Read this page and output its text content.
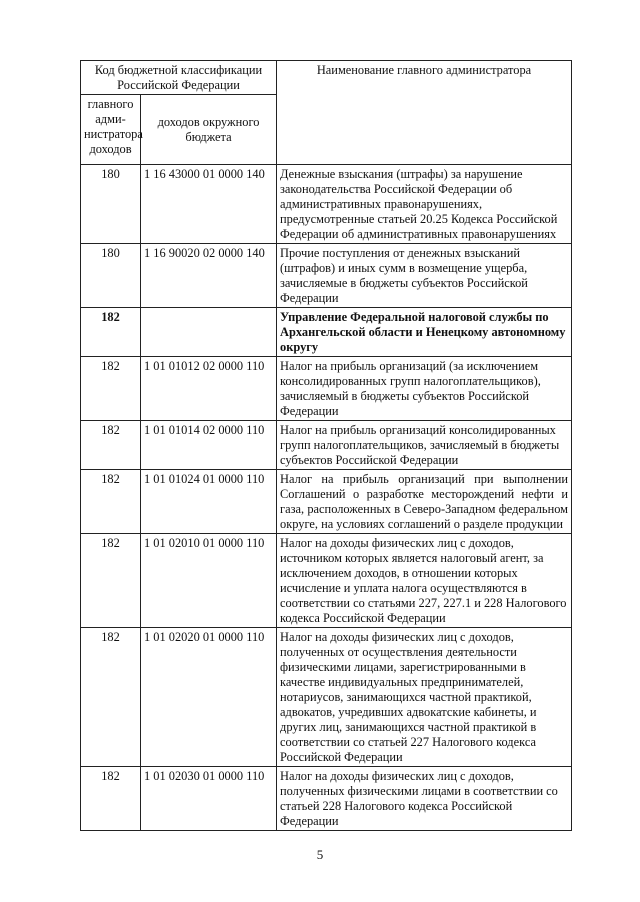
Код бюджетной классификации Российской Федерации		Наименование главного администратора
главного адми-нистратора доходов	доходов окружного бюджета	
180	1 16 43000 01 0000 140	Денежные взыскания (штрафы) за нарушение законодательства Российской Федерации об административных правонарушениях, предусмотренные статьей 20.25 Кодекса Российской Федерации об административных правонарушениях
180	1 16 90020 02 0000 140	Прочие поступления от денежных взысканий (штрафов) и иных сумм в возмещение ущерба, зачисляемые в бюджеты субъектов Российской Федерации
182		Управление Федеральной налоговой службы по Архангельской области и Ненецкому автономному округу
182	1 01 01012 02 0000 110	Налог на прибыль организаций (за исключением консолидированных групп налогоплательщиков), зачисляемый в бюджеты субъектов Российской Федерации
182	1 01 01014 02 0000 110	Налог на прибыль организаций консолидированных групп налогоплательщиков, зачисляемый в бюджеты субъектов Российской Федерации
182	1 01 01024 01 0000 110	Налог на прибыль организаций при выполнении Соглашений о разработке месторождений нефти и газа, расположенных в Северо-Западном федеральном округе, на условиях соглашений о разделе продукции
182	1 01 02010 01 0000 110	Налог на доходы физических лиц с доходов, источником которых является налоговый агент, за исключением доходов, в отношении которых исчисление и уплата налога осуществляются в соответствии со статьями 227, 227.1 и 228 Налогового кодекса Российской Федерации
182	1 01 02020 01 0000 110	Налог на доходы физических лиц с доходов, полученных от осуществления деятельности физическими лицами, зарегистрированными в качестве индивидуальных предпринимателей, нотариусов, занимающихся частной практикой, адвокатов, учредивших адвокатские кабинеты, и других лиц, занимающихся частной практикой в соответствии со статьей 227 Налогового кодекса Российской Федерации
182	1 01 02030 01 0000 110	Налог на доходы физических лиц с доходов, полученных физическими лицами в соответствии со статьей 228 Налогового кодекса Российской Федерации
5
